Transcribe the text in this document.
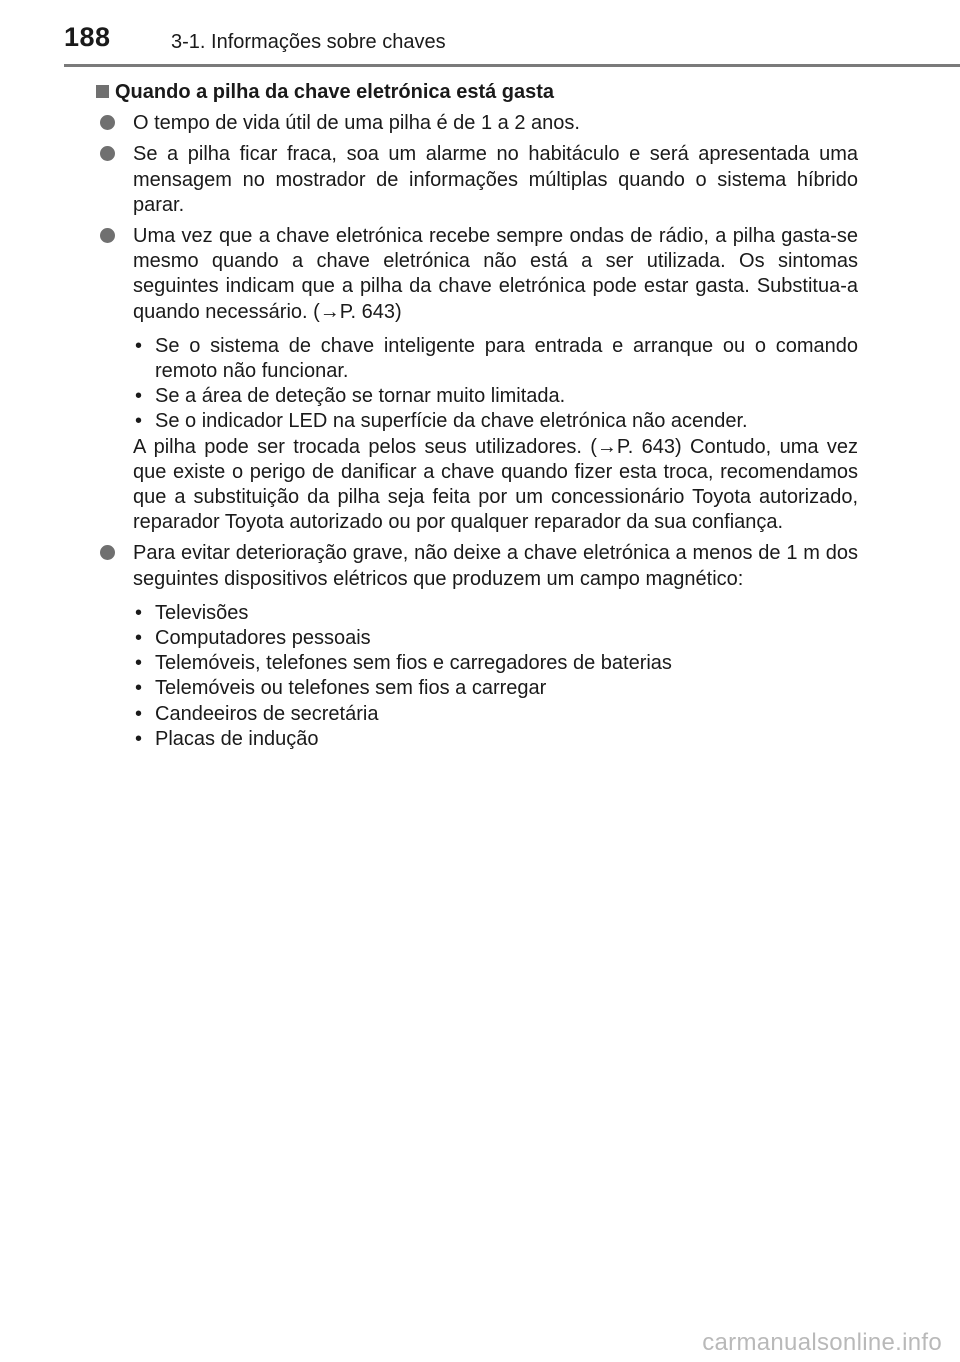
188	3-1. Informações sobre chaves
Quando a pilha da chave eletrónica está gasta
O tempo de vida útil de uma pilha é de 1 a 2 anos.
Se a pilha ficar fraca, soa um alarme no habitáculo e será apresentada uma mensagem no mostrador de informações múltiplas quando o sistema híbrido parar.
Uma vez que a chave eletrónica recebe sempre ondas de rádio, a pilha gasta-se mesmo quando a chave eletrónica não está a ser utilizada. Os sintomas seguintes indicam que a pilha da chave eletrónica pode estar gasta. Substitua-a quando necessário. (→P. 643)
• Se o sistema de chave inteligente para entrada e arranque ou o comando remoto não funcionar.
• Se a área de deteção se tornar muito limitada.
• Se o indicador LED na superfície da chave eletrónica não acender.
A pilha pode ser trocada pelos seus utilizadores. (→P. 643) Contudo, uma vez que existe o perigo de danificar a chave quando fizer esta troca, recomendamos que a substituição da pilha seja feita por um concessionário Toyota autorizado, reparador Toyota autorizado ou por qualquer reparador da sua confiança.
Para evitar deterioração grave, não deixe a chave eletrónica a menos de 1 m dos seguintes dispositivos elétricos que produzem um campo magnético:
• Televisões
• Computadores pessoais
• Telemóveis, telefones sem fios e carregadores de baterias
• Telemóveis ou telefones sem fios a carregar
• Candeeiros de secretária
• Placas de indução
carmanualsonline.info
